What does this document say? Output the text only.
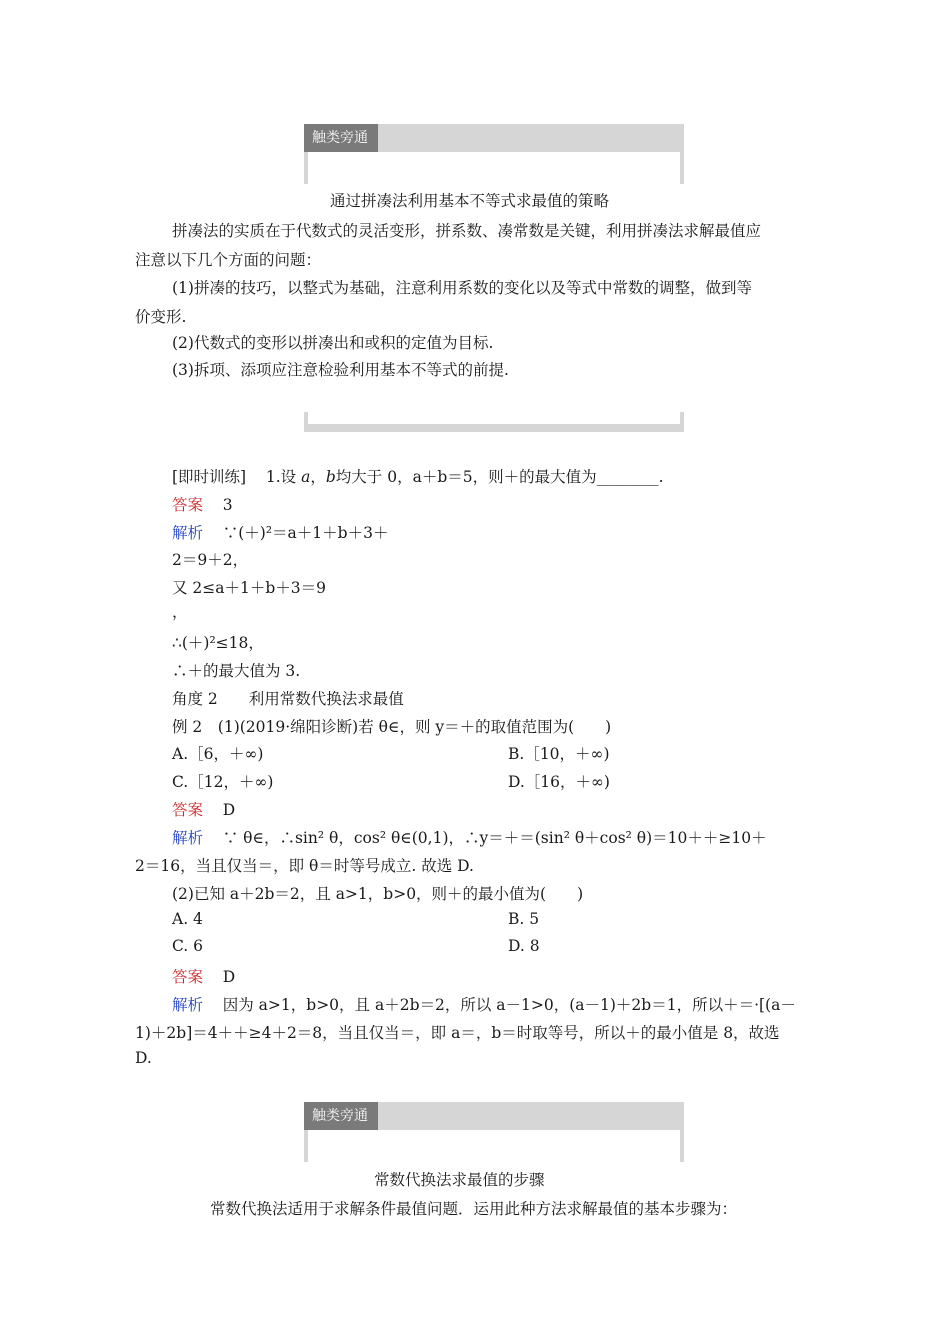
触类旁通
通过拼凑法利用基本不等式求最值的策略
拼凑法的实质在于代数式的灵活变形，拼系数、凑常数是关键，利用拼凑法求解最值应
注意以下几个方面的问题：
(1)拼凑的技巧，以整式为基础，注意利用系数的变化以及等式中常数的调整，做到等
价变形.
(2)代数式的变形以拼凑出和或积的定值为目标.
(3)拆项、添项应注意检验利用基本不等式的前提.
[即时训练] 1.设 a，b均大于 0，a＋b＝5，则＋的最大值为________.
答案 3
解析 ∵(＋)²＝a＋1＋b＋3＋
2＝9＋2，
又 2≤a＋1＋b＋3＝9
，
∴(＋)²≤18，
∴＋的最大值为 3.
角度 2　　利用常数代换法求最值
例 2　(1)(2019·绵阳诊断)若 θ∈，则 y＝＋的取值范围为(　　)
A.［6，＋∞)	B.［10，＋∞)
C.［12，＋∞)	D.［16，＋∞)
答案 D
解析 ∵ θ∈，∴sin² θ，cos² θ∈(0,1)，∴y＝＋＝(sin² θ＋cos² θ)＝10＋＋≥10＋
2＝16，当且仅当＝，即 θ＝时等号成立. 故选 D.
(2)已知 a＋2b＝2，且 a>1，b>0，则＋的最小值为(　　)
A. 4	B. 5
C. 6	D. 8
答案 D
解析 因为 a>1，b>0，且 a＋2b＝2，所以 a－1>0，(a－1)＋2b＝1，所以＋＝·[(a－
1)＋2b]＝4＋＋≥4＋2＝8，当且仅当＝，即 a＝，b＝时取等号，所以＋的最小值是 8，故选
D.
触类旁通
常数代换法求最值的步骤
常数代换法适用于求解条件最值问题．运用此种方法求解最值的基本步骤为：
